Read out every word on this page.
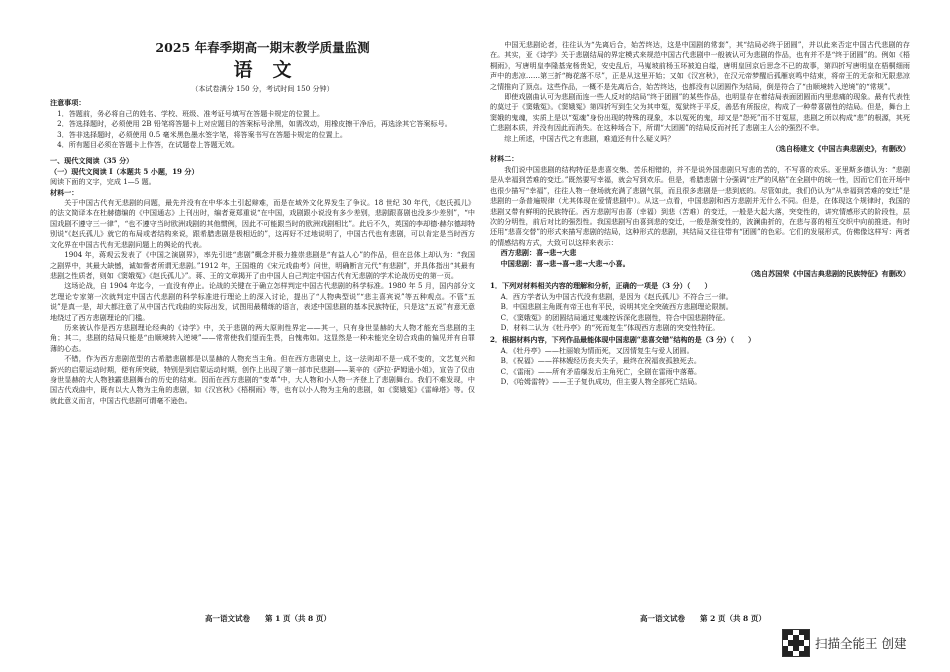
2025 年春季期高一期末教学质量监测
语文
（本试卷满分 150 分，考试时间 150 分钟）

注意事项：

1．答题前，务必将自己的姓名、学校、班级、准考证号填写在答题卡规定的位置上。

2．答选择题时，必须使用 2B 铅笔将答题卡上对应题目的答案标号涂黑，如需改动，用橡皮擦干净后，再选涂其它答案标号。

3．答非选择题时，必须使用 0.5 毫米黑色墨水签字笔，将答案书写在答题卡规定的位置上。

4．所有题目必须在答题卡上作答，在试题卷上答题无效。

一、现代文阅读（35 分）

（一）现代文阅读 I（本题共 5 小题，19 分）

阅读下面的文字，完成 1—5 题。

材料一：

关于中国古代有无悲剧的问题，最先并没有在中华本土引起辩难，而是在域外文化界发生了争议。18 世纪 30 年代，《赵氏孤儿》的法文简译本在杜赫德编的《中国通志》上刊出时，编者竟郑重说“在中国，戏剧跟小说没有多少差别，悲剧跟喜剧也没多少差别”，“中国戏剧不遵守三一律”，“也不遵守当时欧洲戏剧的其他惯例，因此不可能跟当时的欧洲戏剧相比”。此后不久，英国的李却德·赫尔德却特别说“《赵氏孤儿》就它的布局或者结构来说，跟希腊悲剧是极相近的”，这再好不过地说明了，中国古代也有悲剧，可以肯定是当时西方文化界在中国古代有无悲剧问题上的舆论的代表。

1904 年，蒋观云发表了《中国之演剧界》，率先引进“悲剧”概念并极力推崇悲剧是“有益人心”的作品，但在总体上却认为：“我国之剧界中，其最大缺憾，诚如訾者所谓无悲剧。”1912 年，王国维的《宋元戏曲考》问世，明确断言元代“有悲剧”，并具体指出“其最有悲剧之性质者，则如《窦娥冤》《赵氏孤儿》”。蒋、王的文章揭开了由中国人自己判定中国古代有无悲剧的学术论战历史的第一页。

这场论战，自 1904 年迄今，一直没有停止。论战的关键在于确立怎样判定中国古代悲剧的科学标准。1980 年 5 月，国内部分文艺理论专家第一次就判定中国古代悲剧的科学标准进行理论上的深入讨论，提出了“人物典型说”“悲主喜宾说”等五种观点。不管“五说”是真一是，却大都注意了从中国古代戏曲的实际出发，试图用最精练的语言，表述中国悲剧的基本民族特征，只是这“五说”有意无意地绕过了西方悲剧理论的门槛。

历来被认作是西方悲剧理论经典的《诗学》中，关于悲剧的两大原则性界定——其一，只有身世显赫的大人物才能充当悲剧的主角；其二，悲剧的结局只能是“由顺境转入逆境”——常常使我们望而生畏，自愧弗如。这显然是一种未能完全切合戏曲的偏见并有自罪薄的心态。

不错，作为西方悲剧范型的古希腊悲剧都是以显赫的人物充当主角。但在西方悲剧史上，这一法则却不是一成不变的，文艺复兴和新兴的启蒙运动时期，便有所突破，特别是到启蒙运动时期，创作上出现了第一部市民悲剧——莱辛的《萨拉·萨姆逊小姐》，宣告了仅由身世显赫的大人物独霸悲剧舞台的历史的结束。因而在西方悲剧的“变革”中，大人物和小人物一齐登上了悲剧舞台。我们不难发现，中国古代戏曲中，既有以大人物为主角的悲剧，如《汉宫秋》《梧桐雨》等，也有以小人物为主角的悲剧，如《窦娥冤》《雷峰塔》等。仅就此意义而言，中国古代悲剧可谓毫不逊色。

中国无悲剧论者，往往认为“先离后合，始苦终达，这是中国剧的常套”，其“结局必终于团圆”，并以此来否定中国古代悲剧的存在。其实，亚《诗学》关于悲剧结局的界定模式来规范中国古代悲剧中一般被认可为悲剧的作品，也有并不是“终于团圆”的。例如《梧桐雨》，写唐明皇李隆基宠杨贵妃，安史乱后，马嵬坡前杨玉环被迫自缢，唐明皇回京后思念不已的故事，第四折写唐明皇在梧桐细雨声中的悲凉……第三折“梅花落不尽”，正是从这里开始；又如《汉宫秋》，在汉元帝梦醒后孤雁哀鸣中结束，将帝王的无奈和无限悲凉之情推向了顶点。这些作品，一概不是先离后合，始苦终达，也都没有以团圆作为结局，倒是符合了“由顺境转入逆境”的“常规”。

即使戏剧曲认可为悲剧而连一些人反对的结局“终于团圆”的某些作品，也明显存在着结局表面团圆而内里悲痛的现象。最有代表性的莫过于《窦娥冤》。《窦娥冤》第四折写到生父为其申冤，冤狱终于平反，善恶有所报应，构成了一种带喜剧性的结局。但是，舞台上窦娥的鬼魂，实质上是以“冤魂”身份出现的特殊的现象，本以冤死的鬼，却又是“怨死”而不甘冤屈，悲剧之所以构成“悲”的根源，其死亡悲剧本质，并没有因此而消失。在这种场合下，所谓“大团圆”的结局反而衬托了悲剧主人公的强烈不幸。

综上所述，中国古代之有悲剧，难道还有什么疑义吗？

（选自杨建文《中国古典悲剧史》，有删改）

材料二：

我们说中国悲剧的结构特征是悲喜交集、苦乐相错的，并不是说外国悲剧只写悲的苦的，不写喜的欢乐。亚里斯多德认为：“悲剧是从幸福到苦难的变迁。”既然要写幸福，就会写到欢乐。但是，希腊悲剧十分强调“庄严的风格”在全剧中的统一性，因而它们在开场中也很少描写“幸福”，往往人物一登场就充满了悲剧气氛，而且很多悲剧是一悲到底的。尽管如此，我们仍认为“从幸福到苦难的变迁”是悲剧的一条普遍规律（尤其体现在爱情悲剧中）。从这一点看，中国悲剧和西方悲剧并无什么不同。但是，在体现这个规律时，我国的悲剧又带有鲜明的民族特征。西方悲剧写由喜（幸福）到悲（苦难）的变迁，一般是大起大落，突变性的，讲究情感形式的阶段性，层次的分明性，前后对比的强烈性。我国悲剧写由喜到悲的变迁，一般是渐变性的，波澜曲折的，在悲与喜的相互交织中向前推进。有时还用“悲喜交替”的形式来描写悲剧的结局，这种形式的悲剧，其结局又往往带有“团圆”的色彩。它们的发展形式，仿佛像这样写：两者的情感结构方式，大致可以这样来表示：

西方悲剧：喜→悲→大悲

中国悲剧：喜→悲→喜→悲→大悲→小喜。

（选自苏国荣《中国古典悲剧的民族特征》有删改）

1．下列对材料相关内容的理解和分析，正确的一项是（3 分）（　　）

A．西方学者认为中国古代没有悲剧，是因为《赵氏孤儿》不符合三一律。

B．中国悲剧主角既有帝王也有平民，说明其完全突破西方悲剧理论限制。

C．《窦娥冤》的团圆结局通过鬼魂控诉深化悲剧性，符合中国悲剧特征。

D．材料二认为《牡丹亭》的“死而复生”体现西方悲剧的突变性特征。

2．根据材料内容，下列作品最能体现中国悲剧“悲喜交错”结构的是（3 分）（　　）

A．《牡丹亭》——杜丽娘为情而死，又因情复生与爱人团圆。

B．《祝福》——祥林嫂经历丧夫失子，最终在祝福夜孤独死去。

C．《雷雨》——所有矛盾爆发后主角死亡，全剧在雷雨中落幕。

D．《哈姆雷特》——王子复仇成功，但主要人物全部死亡结局。

高一语文试卷　　第 1 页（共 8 页）	高一语文试卷　　第 2 页（共 8 页）
扫描全能王 创建
